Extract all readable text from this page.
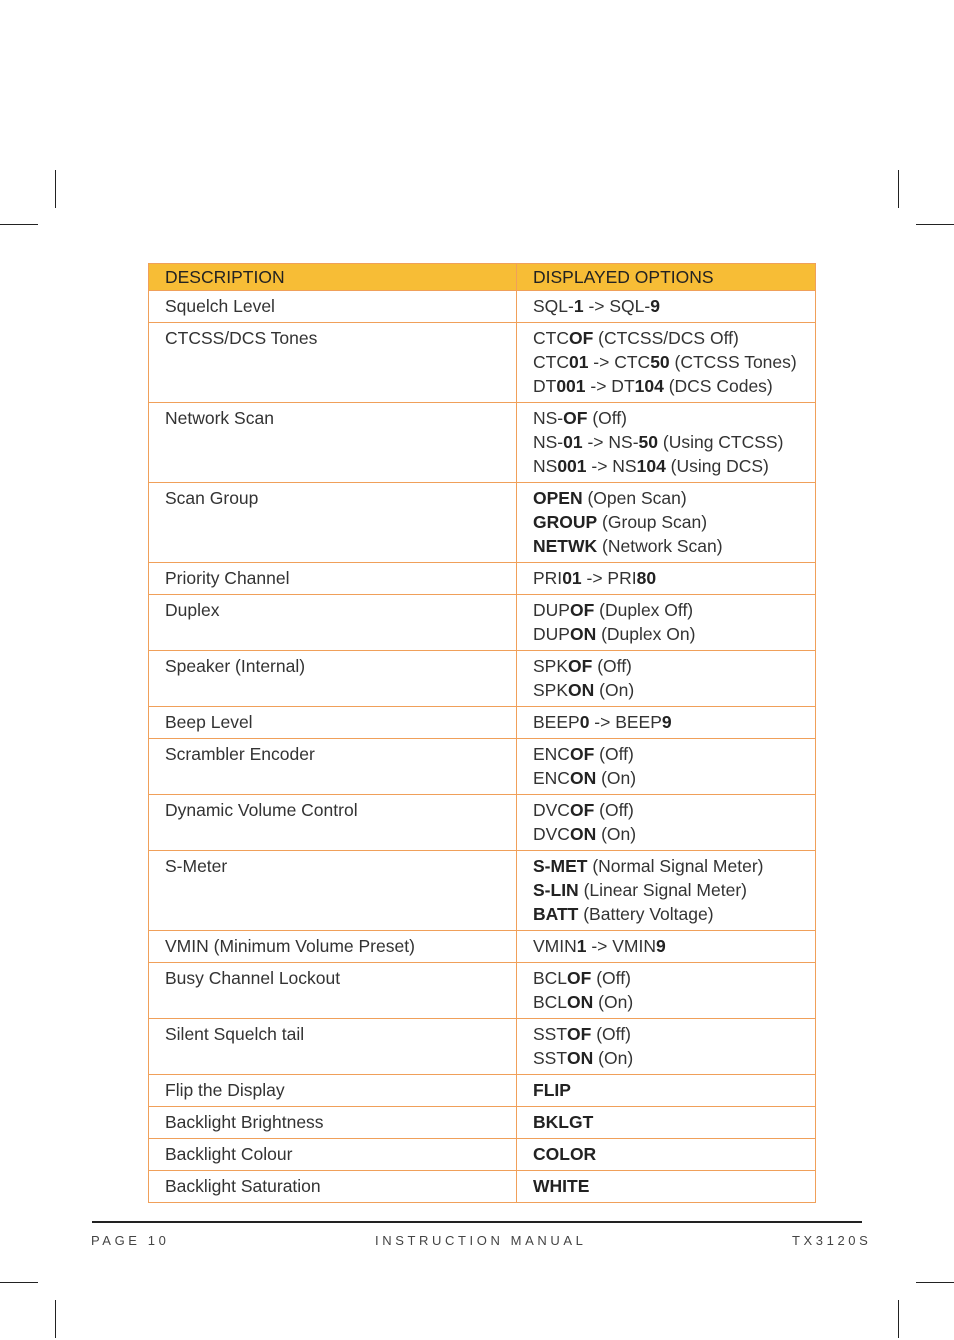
DESCRIPTION	DISPLAYED OPTIONS
Squelch Level	SQL-1 -> SQL-9

CTCSS/DCS Tones	CTCOF (CTCSS/DCS Off)
CTC01 -> CTC50 (CTCSS Tones)
DT001 -> DT104 (DCS Codes)

Network Scan	NS-OF (Off)
NS-01 -> NS-50 (Using CTCSS)
NS001 -> NS104 (Using DCS)

Scan Group	OPEN (Open Scan)
GROUP (Group Scan)
NETWK (Network Scan)

Priority Channel	PRI01 -> PRI80

Duplex	DUPOF (Duplex Off)
DUPON (Duplex On)

Speaker (Internal)	SPKOF (Off)
SPKON (On)

Beep Level	BEEP0 -> BEEP9

Scrambler Encoder	ENCOF (Off)
ENCON (On)

Dynamic Volume Control	DVCOF (Off)
DVCON (On)

S-Meter	S-MET (Normal Signal Meter)
S-LIN (Linear Signal Meter)
BATT (Battery Voltage)

VMIN (Minimum Volume Preset)	VMIN1 -> VMIN9

Busy Channel Lockout	BCLOF (Off)
BCLON (On)

Silent Squelch tail	SSTOF (Off)
SSTON (On)

Flip the Display	FLIP

Backlight Brightness	BKLGT

Backlight Colour	COLOR

Backlight Saturation	WHITE
PAGE 10	INSTRUCTION MANUAL	TX3120S
